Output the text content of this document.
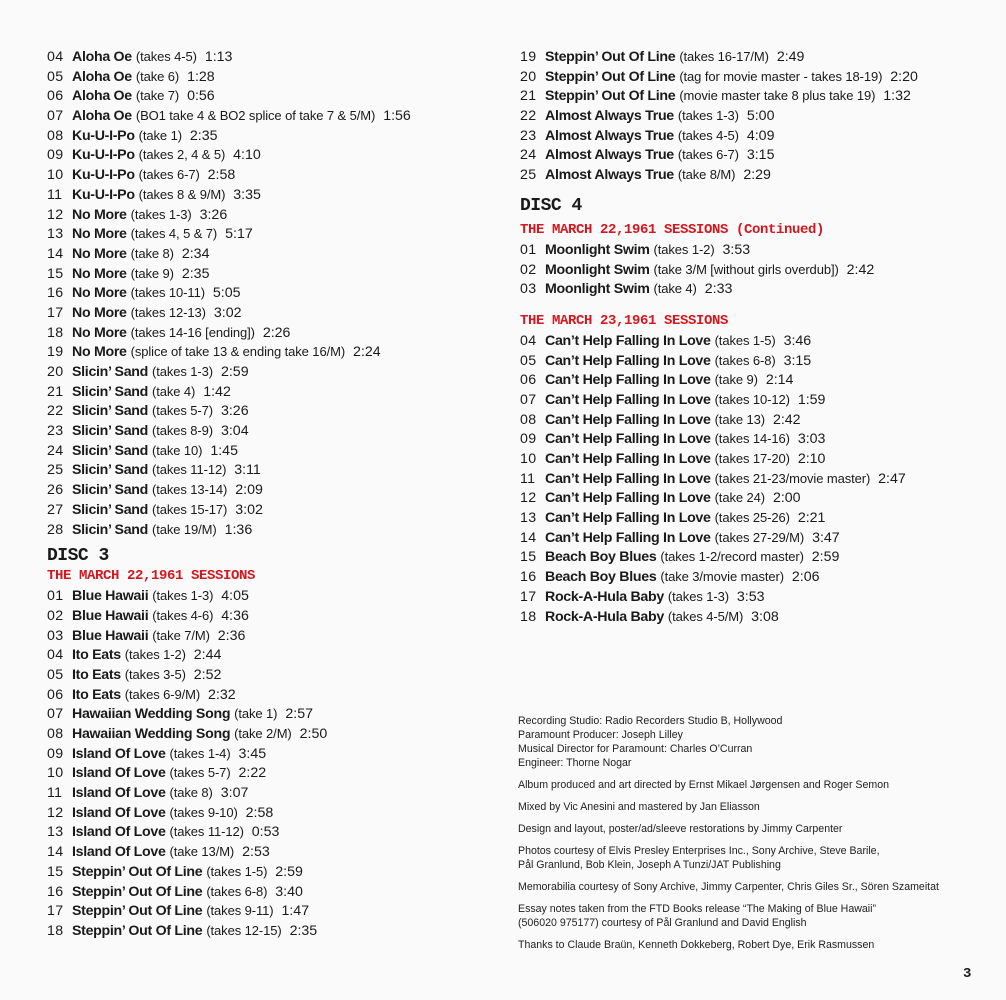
04 Aloha Oe (takes 4-5) 1:13
05 Aloha Oe (take 6) 1:28
06 Aloha Oe (take 7) 0:56
07 Aloha Oe (BO1 take 4 & BO2 splice of take 7 & 5/M) 1:56
08 Ku-U-I-Po (take 1) 2:35
09 Ku-U-I-Po (takes 2, 4 & 5) 4:10
10 Ku-U-I-Po (takes 6-7) 2:58
11 Ku-U-I-Po (takes 8 & 9/M) 3:35
12 No More (takes 1-3) 3:26
13 No More (takes 4, 5 & 7) 5:17
14 No More (take 8) 2:34
15 No More (take 9) 2:35
16 No More (takes 10-11) 5:05
17 No More (takes 12-13) 3:02
18 No More (takes 14-16 [ending]) 2:26
19 No More (splice of take 13 & ending take 16/M) 2:24
20 Slicin’ Sand (takes 1-3) 2:59
21 Slicin’ Sand (take 4) 1:42
22 Slicin’ Sand (takes 5-7) 3:26
23 Slicin’ Sand (takes 8-9) 3:04
24 Slicin’ Sand (take 10) 1:45
25 Slicin’ Sand (takes 11-12) 3:11
26 Slicin’ Sand (takes 13-14) 2:09
27 Slicin’ Sand (takes 15-17) 3:02
28 Slicin’ Sand (take 19/M) 1:36
DISC 3
THE MARCH 22,1961 SESSIONS
01 Blue Hawaii (takes 1-3) 4:05
02 Blue Hawaii (takes 4-6) 4:36
03 Blue Hawaii (take 7/M) 2:36
04 Ito Eats (takes 1-2) 2:44
05 Ito Eats (takes 3-5) 2:52
06 Ito Eats (takes 6-9/M) 2:32
07 Hawaiian Wedding Song (take 1) 2:57
08 Hawaiian Wedding Song (take 2/M) 2:50
09 Island Of Love (takes 1-4) 3:45
10 Island Of Love (takes 5-7) 2:22
11 Island Of Love (take 8) 3:07
12 Island Of Love (takes 9-10) 2:58
13 Island Of Love (takes 11-12) 0:53
14 Island Of Love (take 13/M) 2:53
15 Steppin’ Out Of Line (takes 1-5) 2:59
16 Steppin’ Out Of Line (takes 6-8) 3:40
17 Steppin’ Out Of Line (takes 9-11) 1:47
18 Steppin’ Out Of Line (takes 12-15) 2:35
19 Steppin’ Out Of Line (takes 16-17/M) 2:49
20 Steppin’ Out Of Line (tag for movie master - takes 18-19) 2:20
21 Steppin’ Out Of Line (movie master take 8 plus take 19) 1:32
22 Almost Always True (takes 1-3) 5:00
23 Almost Always True (takes 4-5) 4:09
24 Almost Always True (takes 6-7) 3:15
25 Almost Always True (take 8/M) 2:29
DISC 4
THE MARCH 22,1961 SESSIONS (Continued)
01 Moonlight Swim (takes 1-2) 3:53
02 Moonlight Swim (take 3/M [without girls overdub]) 2:42
03 Moonlight Swim (take 4) 2:33
THE MARCH 23,1961 SESSIONS
04 Can’t Help Falling In Love (takes 1-5) 3:46
05 Can’t Help Falling In Love (takes 6-8) 3:15
06 Can’t Help Falling In Love (take 9) 2:14
07 Can’t Help Falling In Love (takes 10-12) 1:59
08 Can’t Help Falling In Love (take 13) 2:42
09 Can’t Help Falling In Love (takes 14-16) 3:03
10 Can’t Help Falling In Love (takes 17-20) 2:10
11 Can’t Help Falling In Love (takes 21-23/movie master) 2:47
12 Can’t Help Falling In Love (take 24) 2:00
13 Can’t Help Falling In Love (takes 25-26) 2:21
14 Can’t Help Falling In Love (takes 27-29/M) 3:47
15 Beach Boy Blues (takes 1-2/record master) 2:59
16 Beach Boy Blues (take 3/movie master) 2:06
17 Rock-A-Hula Baby (takes 1-3) 3:53
18 Rock-A-Hula Baby (takes 4-5/M) 3:08
Recording Studio: Radio Recorders Studio B, Hollywood
Paramount Producer: Joseph Lilley
Musical Director for Paramount: Charles O’Curran
Engineer: Thorne Nogar
Album produced and art directed by Ernst Mikael Jørgensen and Roger Semon
Mixed by Vic Anesini and mastered by Jan Eliasson
Design and layout, poster/ad/sleeve restorations by Jimmy Carpenter
Photos courtesy of Elvis Presley Enterprises Inc., Sony Archive, Steve Barile,
Pål Granlund, Bob Klein, Joseph A Tunzi/JAT Publishing
Memorabilia courtesy of Sony Archive, Jimmy Carpenter, Chris Giles Sr., Sören Szameitat
Essay notes taken from the FTD Books release “The Making of Blue Hawaii”
(506020 975177) courtesy of Pål Granlund and David English
Thanks to Claude Braün, Kenneth Dokkeberg, Robert Dye, Erik Rasmussen
3
